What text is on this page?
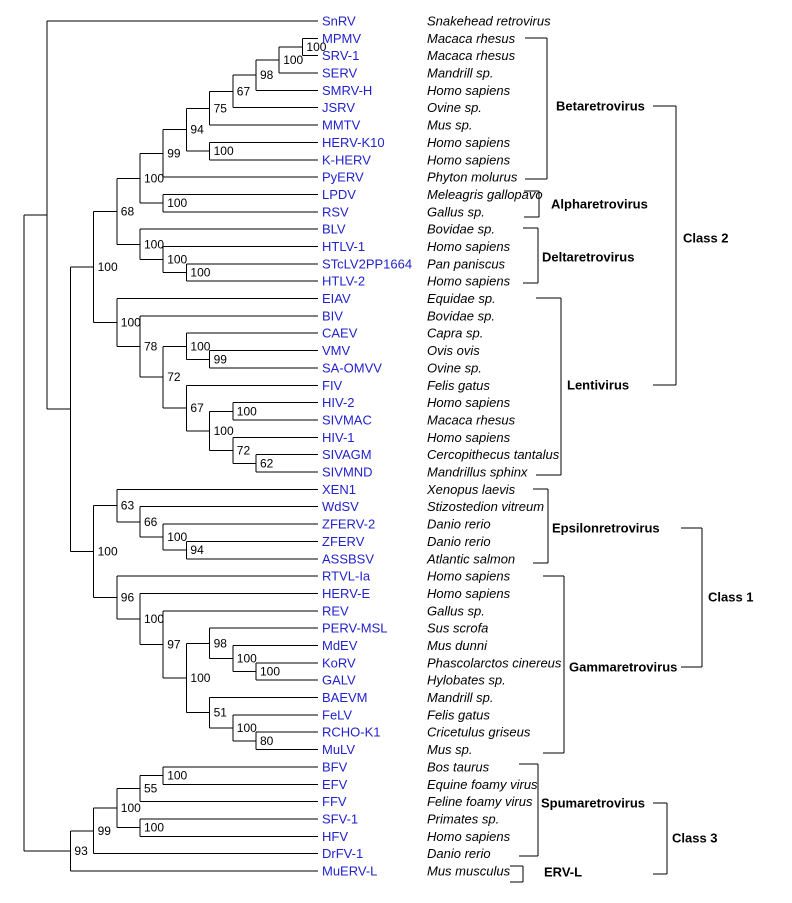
100
100
98
67
75
100
94
99
100
100
100
100
100
68
99
100
100
62
72
100
67
72
78
100
100
94
100
66
63
100
100
98
80
100
51
100
97
100
96
100
100
55
100
100
99
93
SnRV	Snakehead retrovirus
MPMV	Macaca rhesus
SRV-1	Macaca rhesus
SERV	Mandrill sp.
SMRV-H	Homo sapiens
JSRV	Ovine sp.
MMTV	Mus sp.
HERV-K10	Homo sapiens
K-HERV	Homo sapiens
PyERV	Phyton molurus
LPDV	Meleagris gallopavo
RSV	Gallus sp.
BLV	Bovidae sp.
HTLV-1	Homo sapiens
STcLV2PP1664 Pan paniscus
HTLV-2	Homo sapiens
EIAV	Equidae sp.
BIV	Bovidae sp.
CAEV	Capra sp.
VMV	Ovis ovis
SA-OMVV	Ovine sp.
FIV	Felis gatus
HIV-2	Homo sapiens
SIVMAC	Macaca rhesus
HIV-1	Homo sapiens
SIVAGM	Cercopithecus tantalus
SIVMND	Mandrillus sphinx
XEN1	Xenopus laevis
WdSV	Stizostedion vitreum
ZFERV-2	Danio rerio
ZFERV	Danio rerio
ASSBSV	Atlantic salmon
RTVL-Ia	Homo sapiens
HERV-E	Homo sapiens
REV	Gallus sp.
PERV-MSL	Sus scrofa
MdEV	Mus dunni
KoRV	Phascolarctos cinereus
GALV	Hylobates sp.
BAEVM	Mandrill sp.
FeLV	Felis gatus
RCHO-K1	Cricetulus griseus
MuLV	Mus sp.
BFV	Bos taurus
EFV	Equine foamy virus
FFV	Feline foamy virus
SFV-1	Primates sp.
HFV	Homo sapiens
DrFV-1	Danio rerio
MuERV-L	Mus musculus
Betaretrovirus
Alpharetrovirus
Deltaretrovirus
Lentivirus
Epsilonretrovirus
Gammaretrovirus
Spumaretrovirus
ERV-L
Class 2
Class 1
Class 3
